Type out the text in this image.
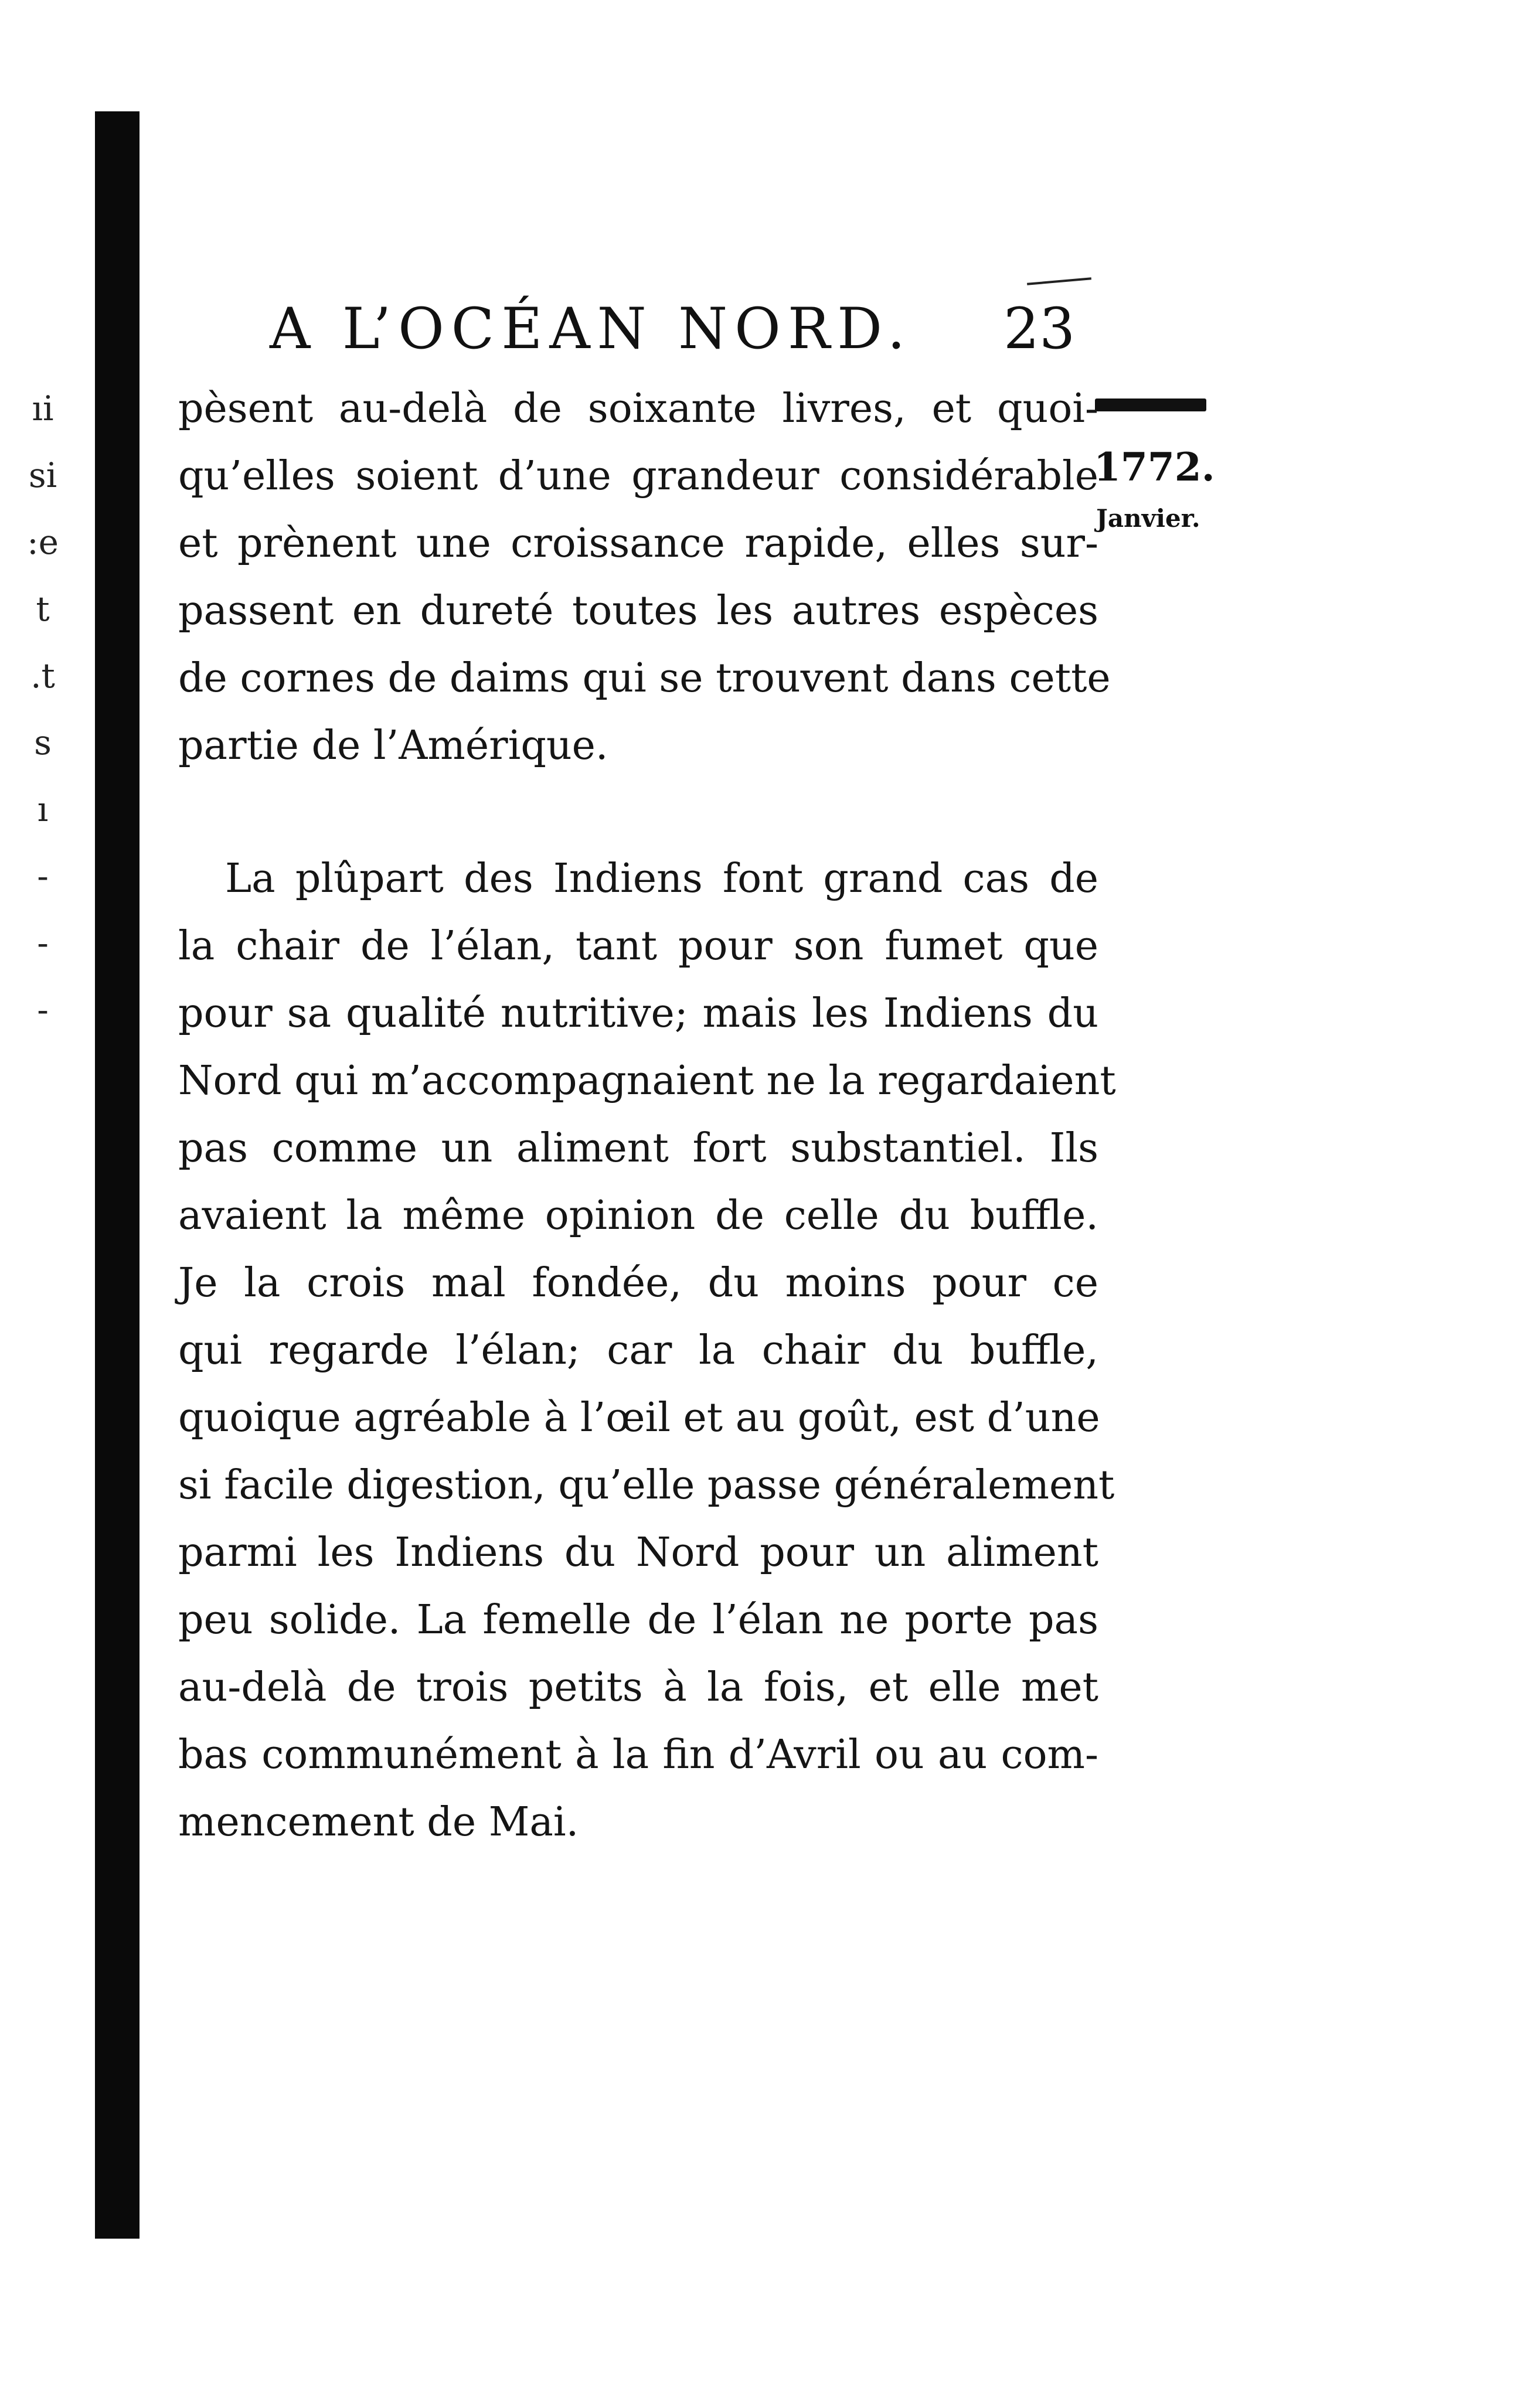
ıi
si
:e
t
.t
s
ı
-
-
-
A L’OCÉAN NORD. 23
1772.
Janvier.
pèsent au-delà de soixante livres, et quoi-
qu’elles soient d’une grandeur considérable
et prènent une croissance rapide, elles sur-
passent en dureté toutes les autres espèces
de cornes de daims qui se trouvent dans cette
partie de l’Amérique.
La plûpart des Indiens font grand cas de
la chair de l’élan, tant pour son fumet que
pour sa qualité nutritive; mais les Indiens du
Nord qui m’accompagnaient ne la regardaient
pas comme un aliment fort substantiel. Ils
avaient la même opinion de celle du buffle.
Je la crois mal fondée, du moins pour ce
qui regarde l’élan; car la chair du buffle,
quoique agréable à l’œil et au goût, est d’une
si facile digestion, qu’elle passe généralement
parmi les Indiens du Nord pour un aliment
peu solide. La femelle de l’élan ne porte pas
au-delà de trois petits à la fois, et elle met
bas communément à la fin d’Avril ou au com-
mencement de Mai.
